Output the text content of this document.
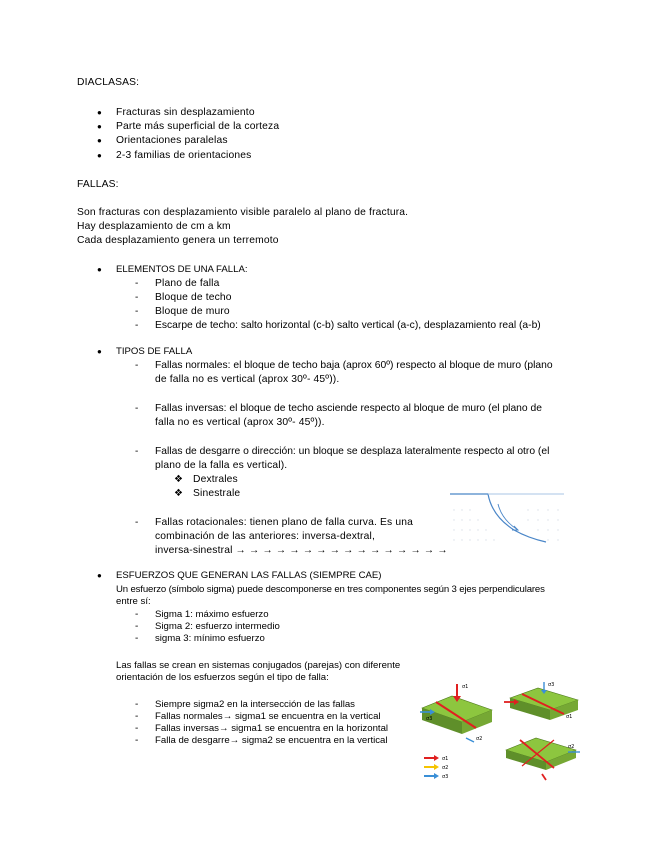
DIACLASAS:
● Fracturas sin desplazamiento
● Parte más superficial de la corteza
● Orientaciones paralelas
● 2-3 familias de orientaciones
FALLAS:
Son fracturas con desplazamiento visible paralelo al plano de fractura.
Hay desplazamiento de cm a km
Cada desplazamiento genera un terremoto
● ELEMENTOS DE UNA FALLA:
- Plano de falla
- Bloque de techo
- Bloque de muro
- Escarpe de techo: salto horizontal (c-b) salto vertical (a-c), desplazamiento real (a-b)
● TIPOS DE FALLA
- Fallas normales: el bloque de techo baja (aprox 60º) respecto al bloque de muro (plano
de falla no es vertical (aprox 30º- 45º)).
- Fallas inversas: el bloque de techo asciende respecto al bloque de muro (el plano de
falla no es vertical (aprox 30º- 45º)).
- Fallas de desgarre o dirección: un bloque se desplaza lateralmente respecto al otro (el
plano de la falla es vertical).
❖ Dextrales
❖ Sinestrale
- Fallas rotacionales: tienen plano de falla curva. Es una
combinación de las anteriores: inversa-dextral,
inversa-sinestral → → → → → → → → → → → → → → → →
● ESFUERZOS QUE GENERAN LAS FALLAS (SIEMPRE CAE)
Un esfuerzo (símbolo sigma) puede descomponerse en tres componentes según 3 ejes perpendiculares
entre sí:
- Sigma 1: máximo esfuerzo
- Sigma 2: esfuerzo intermedio
- sigma 3: mínimo esfuerzo
Las fallas se crean en sistemas conjugados (parejas) con diferente
orientación de los esfuerzos según el tipo de falla:
- Siempre sigma2 en la intersección de las fallas
- Fallas normales→ sigma1 se encuentra en la vertical
- Fallas inversas→ sigma1 se encuentra en la horizontal
- Falla de desgarre→ sigma2 se encuentra en la vertical
σ1
σ3
σ2
σ1
σ3
σ2
σ1
σ2
σ3
